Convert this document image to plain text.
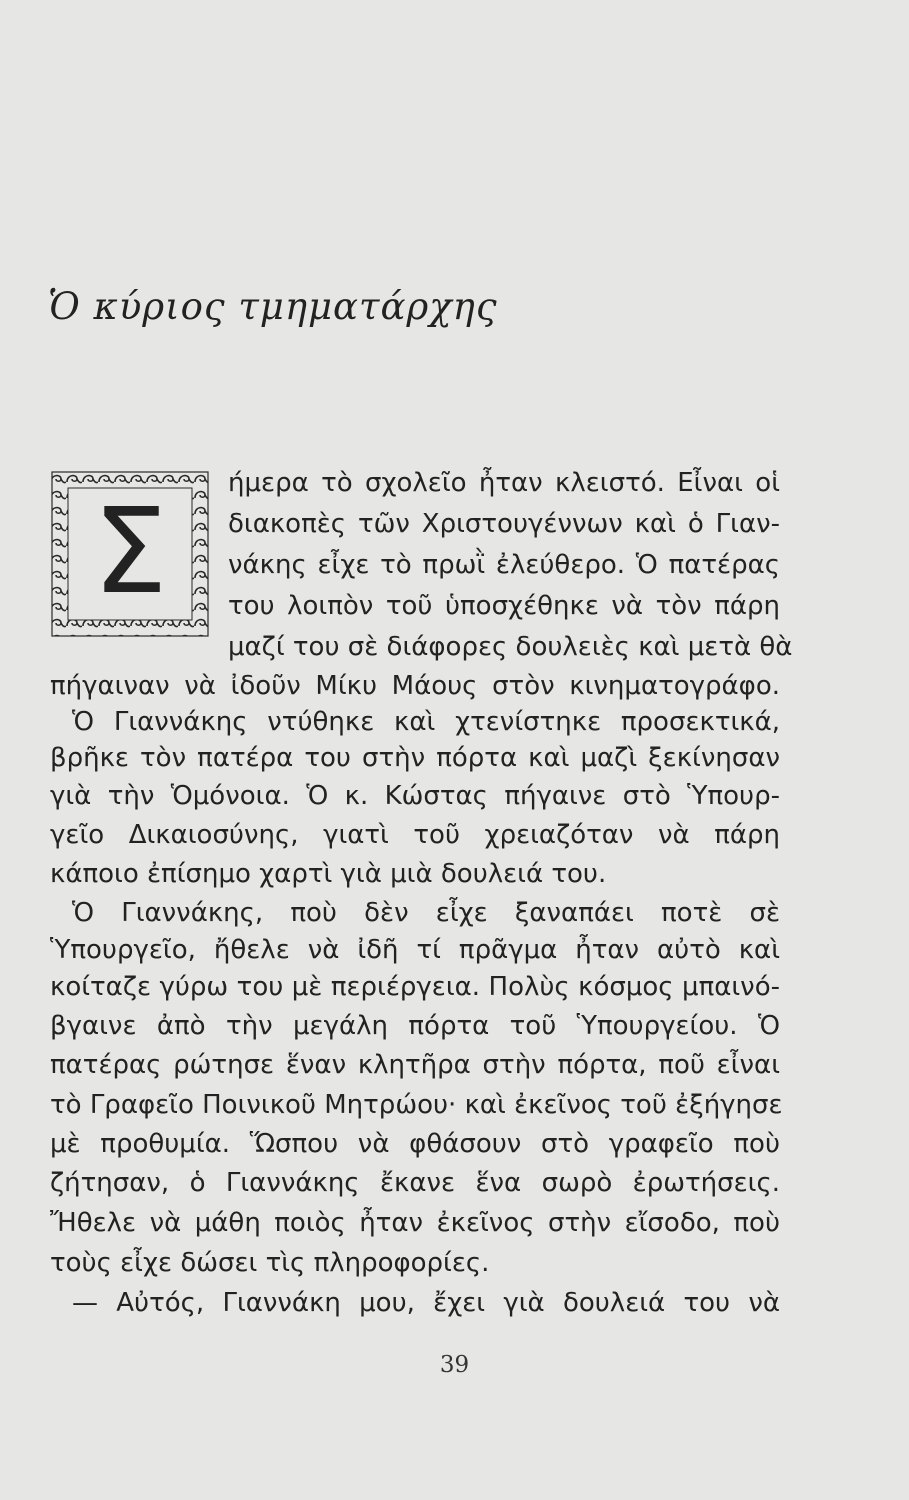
Ὁ κύριος τμηματάρχης
Σ	ήμερα τὸ σχολεῖο ἦταν κλειστό. Εἶναι οἱ
διακοπὲς τῶν Χριστουγέννων καὶ ὁ Γιαν-
νάκης εἶχε τὸ πρωῒ ἐλεύθερο. Ὁ πατέρας
του λοιπὸν τοῦ ὑποσχέθηκε νὰ τὸν πάρη
μαζί του σὲ διάφορες δουλειὲς καὶ μετὰ θὰ
πήγαιναν νὰ ἰδοῦν Μίκυ Μάους στὸν κινηματογράφο.
Ὁ Γιαννάκης ντύθηκε καὶ χτενίστηκε προσεκτικά,
βρῆκε τὸν πατέρα του στὴν πόρτα καὶ μαζὶ ξεκίνησαν
γιὰ τὴν Ὁμόνοια. Ὁ κ. Κώστας πήγαινε στὸ Ὑπουρ-
γεῖο Δικαιοσύνης, γιατὶ τοῦ χρειαζόταν νὰ πάρη
κάποιο ἐπίσημο χαρτὶ γιὰ μιὰ δουλειά του.
Ὁ Γιαννάκης, ποὺ δὲν εἶχε ξαναπάει ποτὲ σὲ
Ὑπουργεῖο, ἤθελε νὰ ἰδῆ τί πρᾶγμα ἦταν αὐτὸ καὶ
κοίταζε γύρω του μὲ περιέργεια. Πολὺς κόσμος μπαινό-
βγαινε ἀπὸ τὴν μεγάλη πόρτα τοῦ Ὑπουργείου. Ὁ
πατέρας ρώτησε ἕναν κλητῆρα στὴν πόρτα, ποῦ εἶναι
τὸ Γραφεῖο Ποινικοῦ Μητρώου· καὶ ἐκεῖνος τοῦ ἐξήγησε
μὲ προθυμία. Ὥσπου νὰ φθάσουν στὸ γραφεῖο ποὺ
ζήτησαν, ὁ Γιαννάκης ἔκανε ἕνα σωρὸ ἐρωτήσεις.
Ἤθελε νὰ μάθη ποιὸς ἦταν ἐκεῖνος στὴν εἴσοδο, ποὺ
τοὺς εἶχε δώσει τὶς πληροφορίες.
— Αὐτός, Γιαννάκη μου, ἔχει γιὰ δουλειά του νὰ
39
